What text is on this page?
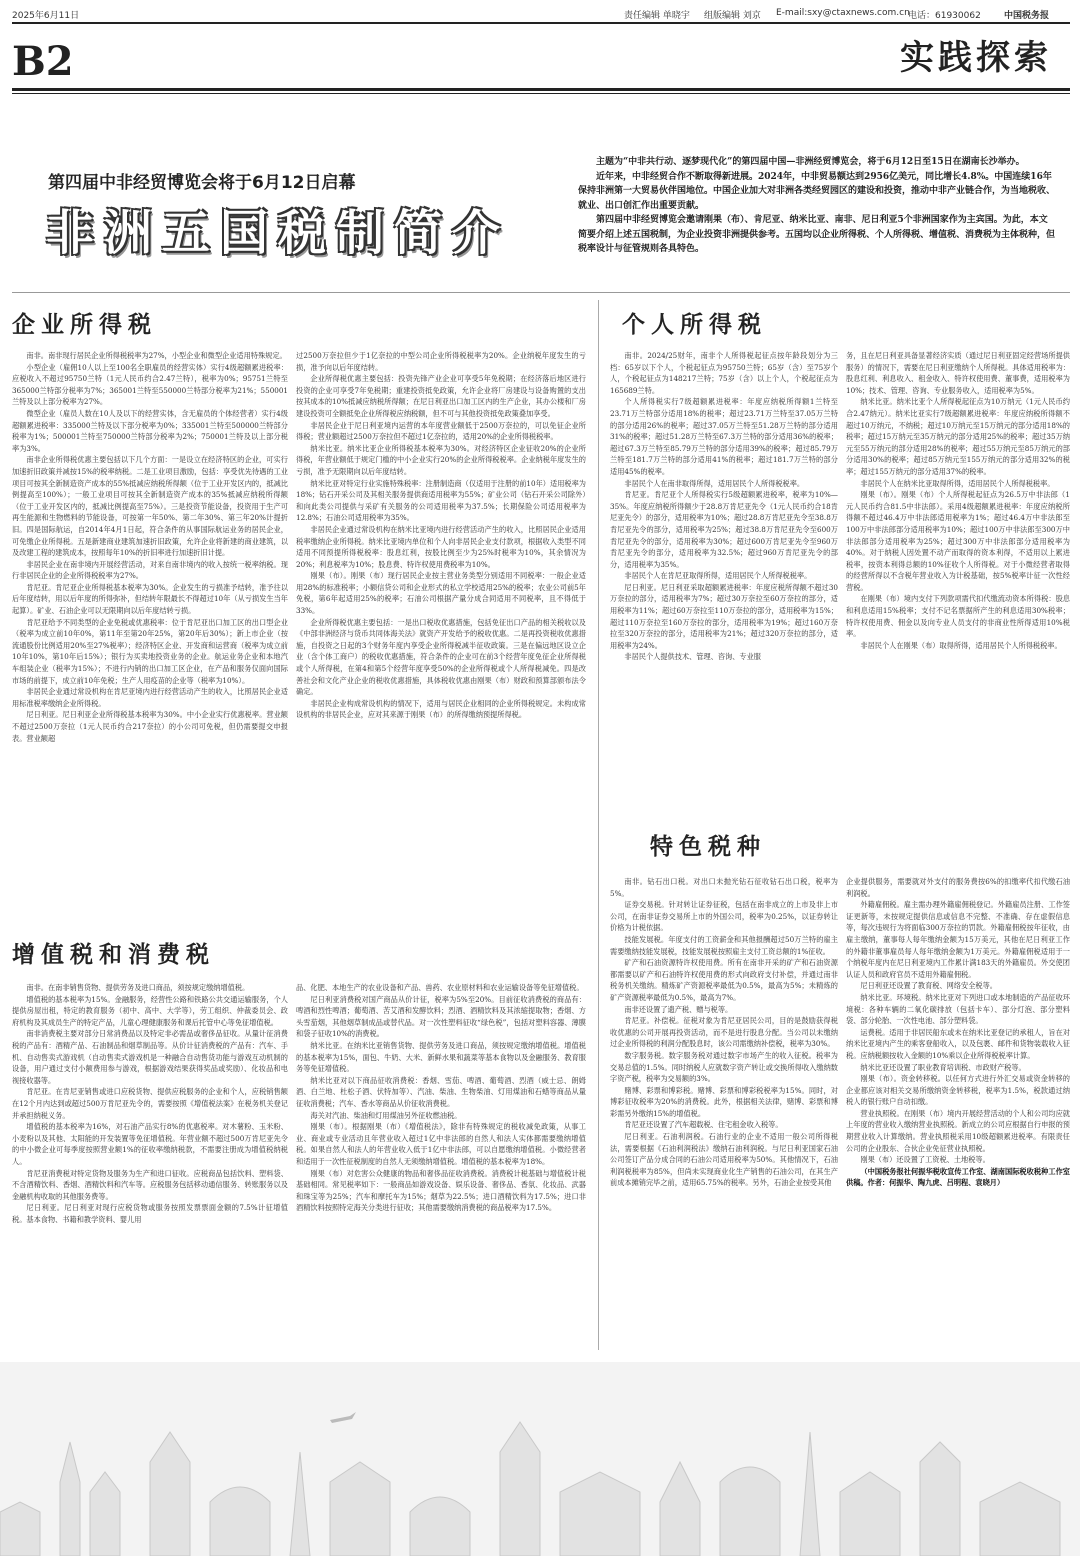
2025年6月11日	责任编辑 单晓宇 组版编辑 刘京 E-mail:sxy@ctaxnews.com.cn
电话：61930062	中国税务报
B2	实践探索
第四届中非经贸博览会将于6月12日启幕
非洲五国税制简介

主题为“中非共行动、逐梦现代化”的第四届中国—非洲经贸博览会，将于6月12日至15日在湖南长沙举办。

近年来，中非经贸合作不断取得新进展。2024年，中非贸易额达到2956亿美元，同比增长4.8%。中国连续16年保持非洲第一大贸易伙伴国地位。中国企业加大对非洲各类经贸园区的建设和投资，推动中非产业链合作，为当地税收、就业、出口创汇作出重要贡献。

第四届中非经贸博览会邀请刚果（布）、肯尼亚、纳米比亚、南非、尼日利亚5个非洲国家作为主宾国。为此，本文简要介绍上述五国税制，为企业投资非洲提供参考。五国均以企业所得税、个人所得税、增值税、消费税为主体税种，但税率设计与征管规则各具特色。

企业所得税
增值税和消费税
个人所得税
特色税种

南非。南非现行居民企业所得税税率为27%，小型企业和微型企业适用特殊规定。

小型企业（雇佣10人以上至100名全职雇员的经营实体）实行4级超额累进税率：应税收入不超过95750兰特（1元人民币约合2.47兰特），税率为0%；95751兰特至365000兰特部分税率为7%；365001兰特至550000兰特部分税率为21%；550001兰特及以上部分税率为27%。

微型企业（雇员人数在10人及以下的经营实体，含无雇员的个体经营者）实行4级超额累进税率：335000兰特及以下部分税率为0%；335001兰特至500000兰特部分税率为1%；500001兰特至750000兰特部分税率为2%；750001兰特及以上部分税率为3%。

南非企业所得税优惠主要包括以下几个方面：一是设立在经济特区的企业，可实行加速折旧政策并减按15%的税率纳税。二是工业项目激励，包括：享受优先待遇的工业项目可按其全新制造资产成本的55%抵减应纳税所得额（位于工业开发区内的，抵减比例提高至100%）；一般工业项目可按其全新制造资产成本的35%抵减应纳税所得额（位于工业开发区内的，抵减比例提高至75%）。三是投资节能设备，投资用于生产可再生能源和生物燃料的节能设备，可按第一年50%、第二年30%、第三年20%计提折旧。四是国际航运，自2014年4月1日起，符合条件的从事国际航运业务的居民企业，可免缴企业所得税。五是新建商业建筑加速折旧政策，允许企业将新建的商业建筑，以及改建工程的建筑成本，按照每年10%的折旧率进行加速折旧计提。

非居民企业在南非境内开展经营活动，对来自南非境内的收入按统一税率纳税。现行非居民企业的企业所得税税率为27%。

肯尼亚。肯尼亚企业所得税基本税率为30%。企业发生的亏损准予结转，准予往以后年度结转，用以后年度的所得弥补，但结转年限最长不得超过10年（从亏损发生当年起算）。矿业、石油企业可以无限期向以后年度结转亏损。

肯尼亚给予不同类型的企业免税或优惠税率：位于肯尼亚出口加工区的出口型企业（税率为成立前10年0%，第11年至第20年25%，第20年后30%）；新上市企业（按流通股份比例适用20%至27%税率）；经济特区企业、开发商和运营商（税率为成立前10年10%，第10年后15%）；银行为买卖地投资业务的企业。航运业务企业和本地汽车组装企业（税率为15%）；不进行内销的出口加工区企业，在产品和服务仅面向国际市场的前提下，成立前10年免税；生产人用疫苗的企业等（税率为10%）。

非居民企业通过常设机构在肯尼亚境内进行经营活动产生的收入，比照居民企业适用标准税率缴纳企业所得税。

尼日利亚。尼日利亚企业所得税基本税率为30%。中小企业实行优惠税率。营业额不超过2500万奈拉（1元人民币约合217奈拉）的小公司可免税，但仍需要提交申报表。营业额超

过2500万奈拉但少于1亿奈拉的中型公司企业所得税税率为20%。企业纳税年度发生的亏损，准予向以后年度结转。

企业所得税优惠主要包括：投资先锋产业企业可享受5年免税期；在经济落后地区进行投资的企业可享受7年免税期；重建投资抵免政策，允许企业将厂房建设与设备购置的支出按其成本的10%抵减应纳税所得额；在尼日利亚出口加工区内的生产企业，其办公楼和厂房建设投资可全额抵免企业所得税应纳税额，但不可与其他投资抵免政策叠加享受。

非居民企业于尼日利亚境内运营的本年度营业额低于2500万奈拉的，可以免征企业所得税；营业额超过2500万奈拉但不超过1亿奈拉的，适用20%的企业所得税税率。

纳米比亚。纳米比亚企业所得税基本税率为30%。对经济特区企业征收20%的企业所得税，年营业额低于规定门槛的中小企业实行20%的企业所得税税率。企业纳税年度发生的亏损，准予无限期向以后年度结转。

纳米比亚对特定行业实施特殊税率：注册制造商（仅适用于注册的前10年）适用税率为18%；钻石开采公司及其相关服务提供商适用税率为55%；矿业公司（钻石开采公司除外）和向此类公司提供与采矿有关服务的公司适用税率为37.5%；长期保险公司适用税率为12.8%；石油公司适用税率为35%。

非居民企业通过常设机构在纳米比亚境内进行经营活动产生的收入，比照居民企业适用税率缴纳企业所得税。纳米比亚境内单位和个人向非居民企业支付款项，根据收入类型不同适用不同预提所得税税率：股息红利，按股比例至少为25%时税率为10%，其余情况为20%；利息税率为10%；股息费、特许权使用费税率为10%。

刚果（布）。刚果（布）现行居民企业按主营业务类型分别适用不同税率：一般企业适用28%的标准税率；小额信贷公司和企业形式的私立学校适用25%的税率；农业公司前5年免税，第6年起适用25%的税率；石油公司根据产量分成合同适用不同税率，且不得低于33%。

企业所得税优惠主要包括：一是出口税收优惠措施，包括免征出口产品的相关税收以及《中部非洲经济与货币共同体海关法》就资产开发给予的税收优惠。二是再投资税收优惠措施，自投资之日起的3个财务年度内享受企业所得税减半征收政策。三是在偏远地区设立企业（含个体工商户）的税收优惠措施，符合条件的企业可在前3个经营年度免征企业所得税或个人所得税，在第4和第5个经营年度享受50%的企业所得税或个人所得税减免。四是改善社会和文化产业企业的税收优惠措施，具体税收优惠由刚果（布）财政和预算部颁布法令确定。

非居民企业构成常设机构的情况下，适用与居民企业相同的企业所得税规定。未构成常设机构的非居民企业，应对其来源于刚果（布）的所得缴纳预提所得税。

南非。在南非销售货物、提供劳务及进口商品，须按规定缴纳增值税。

增值税的基本税率为15%。金融服务，经营性公路和铁路公共交通运输服务，个人提供房屋出租，特定的教育服务（初中、高中、大学等），劳工组织、仲裁委员会、政府机构及其成员生产的特定产品，儿童心理健康服务和课后托管中心等免征增值税。

南非消费税主要对部分日常消费品以及特定非必需品或奢侈品征收。从量计征消费税的产品有：酒精产品、石油制品和烟草制品等。从价计征消费税的产品有：汽车、手机、自动售卖式游戏机（自动售卖式游戏机是一种融合自动售货功能与游戏互动机制的设备，用户通过支付小额费用参与游戏，根据游戏结果获得奖品或奖励）、化妆品和电视接收器等。

肯尼亚。在肯尼亚销售或进口应税货物、提供应税服务的企业和个人，应税销售额在12个月内达到或超过500万肯尼亚先令的，需要按照《增值税法案》在税务机关登记并承担纳税义务。

增值税的基本税率为16%，对石油产品实行8%的优惠税率。对木薯粉、玉米粉、小麦粉以及其他、太阳能的开发装置等免征增值税。年营业额不超过500万肯尼亚先令的中小微企业可每季度按照营业额1%的征收率缴纳税款，不需要注册成为增值税纳税人。

肯尼亚消费税对特定货物及服务为生产和进口征收。应税商品包括饮料、塑料袋、不含酒精饮料、香烟、酒精饮料和汽车等。应税服务包括移动通信服务、转账服务以及金融机构收取的其他服务费等。

尼日利亚。尼日利亚对现行应税货物或服务按照发票票面金额的7.5%计征增值税。基本食物、书籍和教学资料、婴儿用

品、化肥、本地生产的农业设备和产品、兽药、农业原材料和农业运输设备等免征增值税。

尼日利亚消费税对国产商品从价计征，税率为5%至20%。目前征收消费税的商品有：啤酒和烈性啤酒；葡萄酒、苦艾酒和发酵饮料；烈酒、酒精饮料及其浓缩提取物；香烟、方头雪茄烟，其他烟草制成品或替代品。对一次性塑料征收“绿色税”，包括对塑料容器、薄膜和袋子征收10%的消费税。

纳米比亚。在纳米比亚销售货物、提供劳务及进口商品，须按规定缴纳增值税。增值税的基本税率为15%，面包、牛奶、大米、新鲜水果和蔬菜等基本食物以及金融服务、教育服务等免征增值税。

纳米比亚对以下商品征收消费税：香烟、雪茄、啤酒、葡萄酒、烈酒（威士忌、朗姆酒、白兰地、杜松子酒、伏特加等）、汽油、柴油、生物柴油、灯用煤油和石蜡等商品从量征收消费税；汽车、香水等商品从价征收消费税。

海关对汽油、柴油和灯用煤油另外征收燃油税。

刚果（布）。根据刚果（布）《增值税法》，除非有特殊规定的税收减免政策，从事工业、商业或专业活动且年营业收入超过1亿中非法郎的自然人和法人实体都需要缴纳增值税。如果自然人和法人的年营业收入低于1亿中非法郎，可以自愿缴纳增值税。小微经营者和适用于一次性征税制度的自然人无须缴纳增值税。增值税的基本税率为18%。

刚果（布）对危害公众健康的物品和奢侈品征收消费税。消费税计税基础与增值税计税基础相同。常见税率如下：一般商品如游戏设备、娱乐设备、奢侈品、香氛、化妆品、武器和珠宝等为25%；汽车和摩托车为15%；烟草为22.5%；进口酒精饮料为17.5%；进口非酒精饮料按照特定海关分类进行征收；其他需要缴纳消费税的商品税率为17.5%。

南非。2024/25财年，南非个人所得税起征点按年龄段划分为三档：65岁以下个人，个税起征点为95750兰特；65岁（含）至75岁个人，个税起征点为148217兰特；75岁（含）以上个人，个税起征点为165689兰特。

个人所得税实行7级超额累进税率：年度应纳税所得额1兰特至23.71万兰特部分适用18%的税率；超过23.71万兰特至37.05万兰特的部分适用26%的税率；超过37.05万兰特至51.28万兰特的部分适用31%的税率；超过51.28万兰特至67.3万兰特的部分适用36%的税率；超过67.3万兰特至85.79万兰特的部分适用39%的税率；超过85.79万兰特至181.7万兰特的部分适用41%的税率；超过181.7万兰特的部分适用45%的税率。

非居民个人在南非取得所得，适用居民个人所得税税率。

肯尼亚。肯尼亚个人所得税实行5级超额累进税率，税率为10%—35%。年度应纳税所得额少于28.8万肯尼亚先令（1元人民币约合18肯尼亚先令）的部分，适用税率为10%；超过28.8万肯尼亚先令至38.8万肯尼亚先令的部分，适用税率为25%；超过38.8万肯尼亚先令至600万肯尼亚先令的部分，适用税率为30%；超过600万肯尼亚先令至960万肯尼亚先令的部分，适用税率为32.5%；超过960万肯尼亚先令的部分，适用税率为35%。

非居民个人在肯尼亚取得所得，适用居民个人所得税税率。

尼日利亚。尼日利亚采取超额累进税率：年度应税所得额不超过30万奈拉的部分，适用税率为7%；超过30万奈拉至60万奈拉的部分，适用税率为11%；超过60万奈拉至110万奈拉的部分，适用税率为15%；超过110万奈拉至160万奈拉的部分，适用税率为19%；超过160万奈拉至320万奈拉的部分，适用税率为21%；超过320万奈拉的部分，适用税率为24%。

非居民个人提供技术、管理、咨询、专业服

务，且在尼日利亚具备显著经济实质（通过尼日利亚固定经营场所提供服务）的情况下，需要在尼日利亚缴纳个人所得税。具体适用税率为：股息红利、利息收入、租金收入、特许权使用费、董事费，适用税率为10%；技术、管理、咨询、专业服务收入，适用税率为5%。

纳米比亚。纳米比亚个人所得税起征点为10万纳元（1元人民币约合2.47纳元）。纳米比亚实行7级超额累进税率：年度应纳税所得额不超过10万纳元，不纳税；超过10万纳元至15万纳元的部分适用18%的税率；超过15万纳元至35万纳元的部分适用25%的税率；超过35万纳元至55万纳元的部分适用28%的税率；超过55万纳元至85万纳元的部分适用30%的税率；超过85万纳元至155万纳元的部分适用32%的税率；超过155万纳元的部分适用37%的税率。

非居民个人在纳米比亚取得所得，适用居民个人所得税税率。

刚果（布）。刚果（布）个人所得税起征点为26.5万中非法郎（1元人民币约合81.5中非法郎）。采用4级超额累进税率：年度应纳税所得额不超过46.4万中非法郎适用税率为1%；超过46.4万中非法郎至100万中非法郎部分适用税率为10%；超过100万中非法郎至300万中非法郎部分适用税率为25%；超过300万中非法郎部分适用税率为40%。对于纳税人因处置不动产而取得的资本利得，不适用以上累进税率，按资本利得总额的10%征收个人所得税。对于小微经营者取得的经营所得以不含税年营业收入为计税基础，按5%税率计征一次性经营税。

在刚果（布）境内支付下列款项需代扣代缴流动资本所得税：股息和利息适用15%税率；支付不记名票据所产生的利息适用30%税率；特许权使用费、佣金以及向专业人员支付的非商业性所得适用10%税率。

非居民个人在刚果（布）取得所得，适用居民个人所得税税率。

南非。钻石出口税。对出口未抛光钻石征收钻石出口税，税率为5%。

证券交易税。针对转让证券征税，包括在南非成立的上市及非上市公司，在南非证券交易所上市的外国公司，税率为0.25%，以证券转让价格为计税依据。

技能发展税。年度支付的工资薪金和其他报酬超过50万兰特的雇主需要缴纳技能发展税，技能发展税按照雇主支付工资总额的1%征收。

矿产和石油资源特许权使用费。所有在南非开采的矿产和石油资源都需要以矿产和石油特许权使用费的形式向政府支付补偿，并通过南非税务机关缴纳。精炼矿产资源税率最低为0.5%，最高为5%；未精炼的矿产资源税率最低为0.5%，最高为7%。

南非还设置了遗产税、赠与税等。

肯尼亚。补偿税。征税对象为肯尼亚居民公司，目的是鼓励获得税收优惠的公司开展再投资活动，而不是进行股息分配。当公司以未缴纳过企业所得税的利润分配股息时，该公司需缴纳补偿税，税率为30%。

数字服务税。数字服务税对通过数字市场产生的收入征税。税率为交易总值的1.5%。同时纳税人应就数字资产转让或交换所得收入缴纳数字资产税，税率为交易额的3%。

赌博、彩票和博彩税。赌博、彩票和博彩税税率为15%。同时，对博彩征收税率为20%的消费税。此外，根据相关法律，赌博、彩票和博彩需另外缴纳15%的增值税。

肯尼亚还设置了汽车超载税、住宅租金收入税等。

尼日利亚。石油利润税。石油行业的企业不适用一般公司所得税法，需要根据《石油利润税法》缴纳石油利润税。与尼日利亚国家石油公司签订产品分成合同的石油公司适用税率为50%。其他情况下，石油利润税税率为85%，但尚未实现商业化生产销售的石油公司，在其生产前成本摊销完毕之前，适用65.75%的税率。另外，石油企业按受其他

企业提供服务，需要就对外支付的服务费按6%的扣缴率代扣代缴石油利润税。

外籍雇佣税。雇主需办理外籍雇佣税登记。外籍雇员注册、工作签证更新等，未按规定提供信息或信息不完整、不准确、存在虚假信息等，每次违规行为将面临300万奈拉的罚款。外籍雇佣税按年征收，由雇主缴纳，董事每人每年缴纳金额为15万美元，其他在尼日利亚工作的外籍非董事雇员每人每年缴纳金额为1万美元。外籍雇佣税适用于一个纳税年度内在尼日利亚境内工作累计满183天的外籍雇员。外交使团认证人员和政府官员不适用外籍雇佣税。

尼日利亚还设置了教育税、网络安全税等。

纳米比亚。环境税。纳米比亚对下列进口或本地制造的产品征收环境税：各种车辆的二氧化碳排放（包括卡车）、部分灯泡、部分塑料袋、部分轮胎、一次性电池、部分塑料袋。

运费税。适用于非居民船东或未在纳米比亚登记的承租人，旨在对纳米比亚境内产生的乘客登船收入，以及包裹、邮件和货物装载收入征税。应纳税额按收入金额的10%乘以企业所得税税率计算。

纳米比亚还设置了职业教育培训税、市政财产税等。

刚果（布）。资金转移税。以任何方式进行外汇交易或资金转移的企业都应该对相关交易所缴纳资金转移税，税率为1.5%，税款通过纳税人的银行账户自动扣缴。

营业执照税。在刚果（布）境内开展经营活动的个人和公司均应就上年度的营业收入缴纳营业执照税。新成立的公司应根据自行申报的预期营业收入计算缴纳。营业执照税采用10级超额累进税率。有限责任公司的企业股东、合伙企业免征营业执照税。

刚果（布）还设置了工资税、土地税等。

（中国税务报社何振华税收宣传工作室、湖南国际税收税种工作室供稿。作者：何振华、陶九虎、吕明程、袁晓月）
